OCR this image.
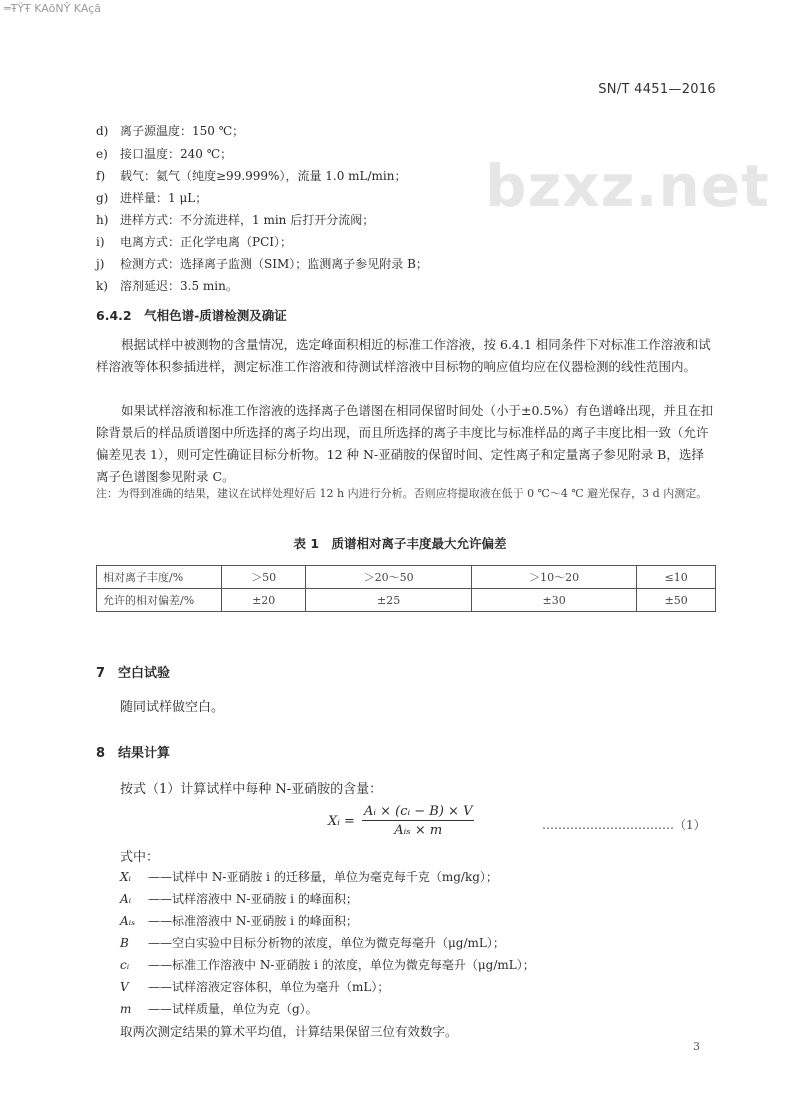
═ŦŸŦ KAōNŶ KAçã
SN/T 4451—2016
bzxz.net
d) 离子源温度：150 ℃；
e) 接口温度：240 ℃；
f) 载气：氦气（纯度≥99.999%），流量 1.0 mL/min；
g) 进样量：1 μL；
h) 进样方式：不分流进样，1 min 后打开分流阀；
i) 电离方式：正化学电离（PCI）；
j) 检测方式：选择离子监测（SIM）；监测离子参见附录 B；
k) 溶剂延迟：3.5 min。
6.4.2　气相色谱-质谱检测及确证
根据试样中被测物的含量情况，选定峰面积相近的标准工作溶液，按 6.4.1 相同条件下对标准工作溶液和试样溶液等体积参插进样，测定标准工作溶液和待测试样溶液中目标物的响应值均应在仪器检测的线性范围内。
如果试样溶液和标准工作溶液的选择离子色谱图在相同保留时间处（小于±0.5%）有色谱峰出现，并且在扣除背景后的样品质谱图中所选择的离子均出现，而且所选择的离子丰度比与标准样品的离子丰度比相一致（允许偏差见表 1），则可定性确证目标分析物。12 种 N-亚硝胺的保留时间、定性离子和定量离子参见附录 B，选择离子色谱图参见附录 C。
注：为得到准确的结果，建议在试样处理好后 12 h 内进行分析。否则应将提取液在低于 0 ℃～4 ℃ 避光保存，3 d 内测定。
表 1　质谱相对离子丰度最大允许偏差
相对离子丰度/%	＞50	＞20～50	＞10～20	≤10
允许的相对偏差/%	±20	±25	±30	±50
7 空白试验
随同试样做空白。
8 结果计算
按式（1）计算试样中每种 N-亚硝胺的含量：
Xᵢ =
Aᵢ × (cᵢ − B) × V
Aᵢₛ × m	……………………………（1）
式中：
Xᵢ ——试样中 N-亚硝胺 i 的迁移量，单位为毫克每千克（mg/kg）；
Aᵢ ——试样溶液中 N-亚硝胺 i 的峰面积；
Aᵢₛ ——标准溶液中 N-亚硝胺 i 的峰面积；
B ——空白实验中目标分析物的浓度，单位为微克每毫升（μg/mL）；
cᵢ ——标准工作溶液中 N-亚硝胺 i 的浓度，单位为微克每毫升（μg/mL）；
V ——试样溶液定容体积，单位为毫升（mL）；
m ——试样质量，单位为克（g）。
取两次测定结果的算术平均值，计算结果保留三位有效数字。
3
